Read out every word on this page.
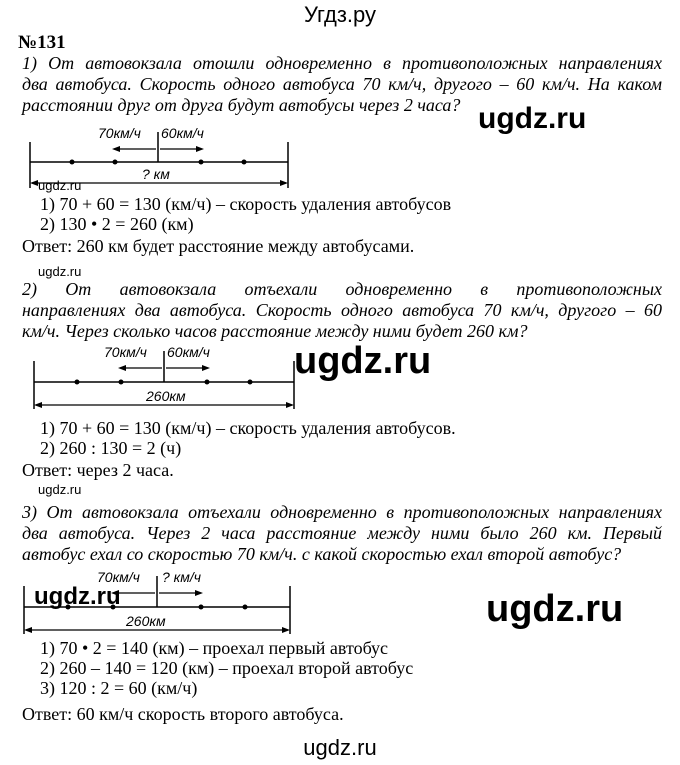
Угдз.ру
№131
1) От автовокзала отошли одновременно в противоположных направлениях
два автобуса. Скорость одного автобуса 70 км/ч, другого – 60 км/ч. На каком
расстоянии друг от друга будут автобусы через 2 часа? ugdz.ru
70км/ч 60км/ч
? км
ugdz.ru
1) 70 + 60 = 130 (км/ч) – скорость удаления автобусов
2) 130 • 2 = 260 (км)
Ответ: 260 км будет расстояние между автобусами.
ugdz.ru
2) От автовокзала отъехали одновременно в противоположных
направлениях два автобуса. Скорость одного автобуса 70 км/ч, другого – 60
км/ч. Через сколько часов расстояние между ними будет 260 км?
ugdz.ru
70км/ч 60км/ч
260км
1) 70 + 60 = 130 (км/ч) – скорость удаления автобусов.
2) 260 : 130 = 2 (ч)
Ответ: через 2 часа.
ugdz.ru
3) От автовокзала отъехали одновременно в противоположных направлениях
два автобуса. Через 2 часа расстояние между ними было 260 км. Первый
автобус ехал со скоростью 70 км/ч. с какой скоростью ехал второй автобус?
70км/ч ? км/ч
260км
ugdz.ru	ugdz.ru
1) 70 • 2 = 140 (км) – проехал первый автобус
2) 260 – 140 = 120 (км) – проехал второй автобус
3) 120 : 2 = 60 (км/ч)
Ответ: 60 км/ч скорость второго автобуса.
ugdz.ru
